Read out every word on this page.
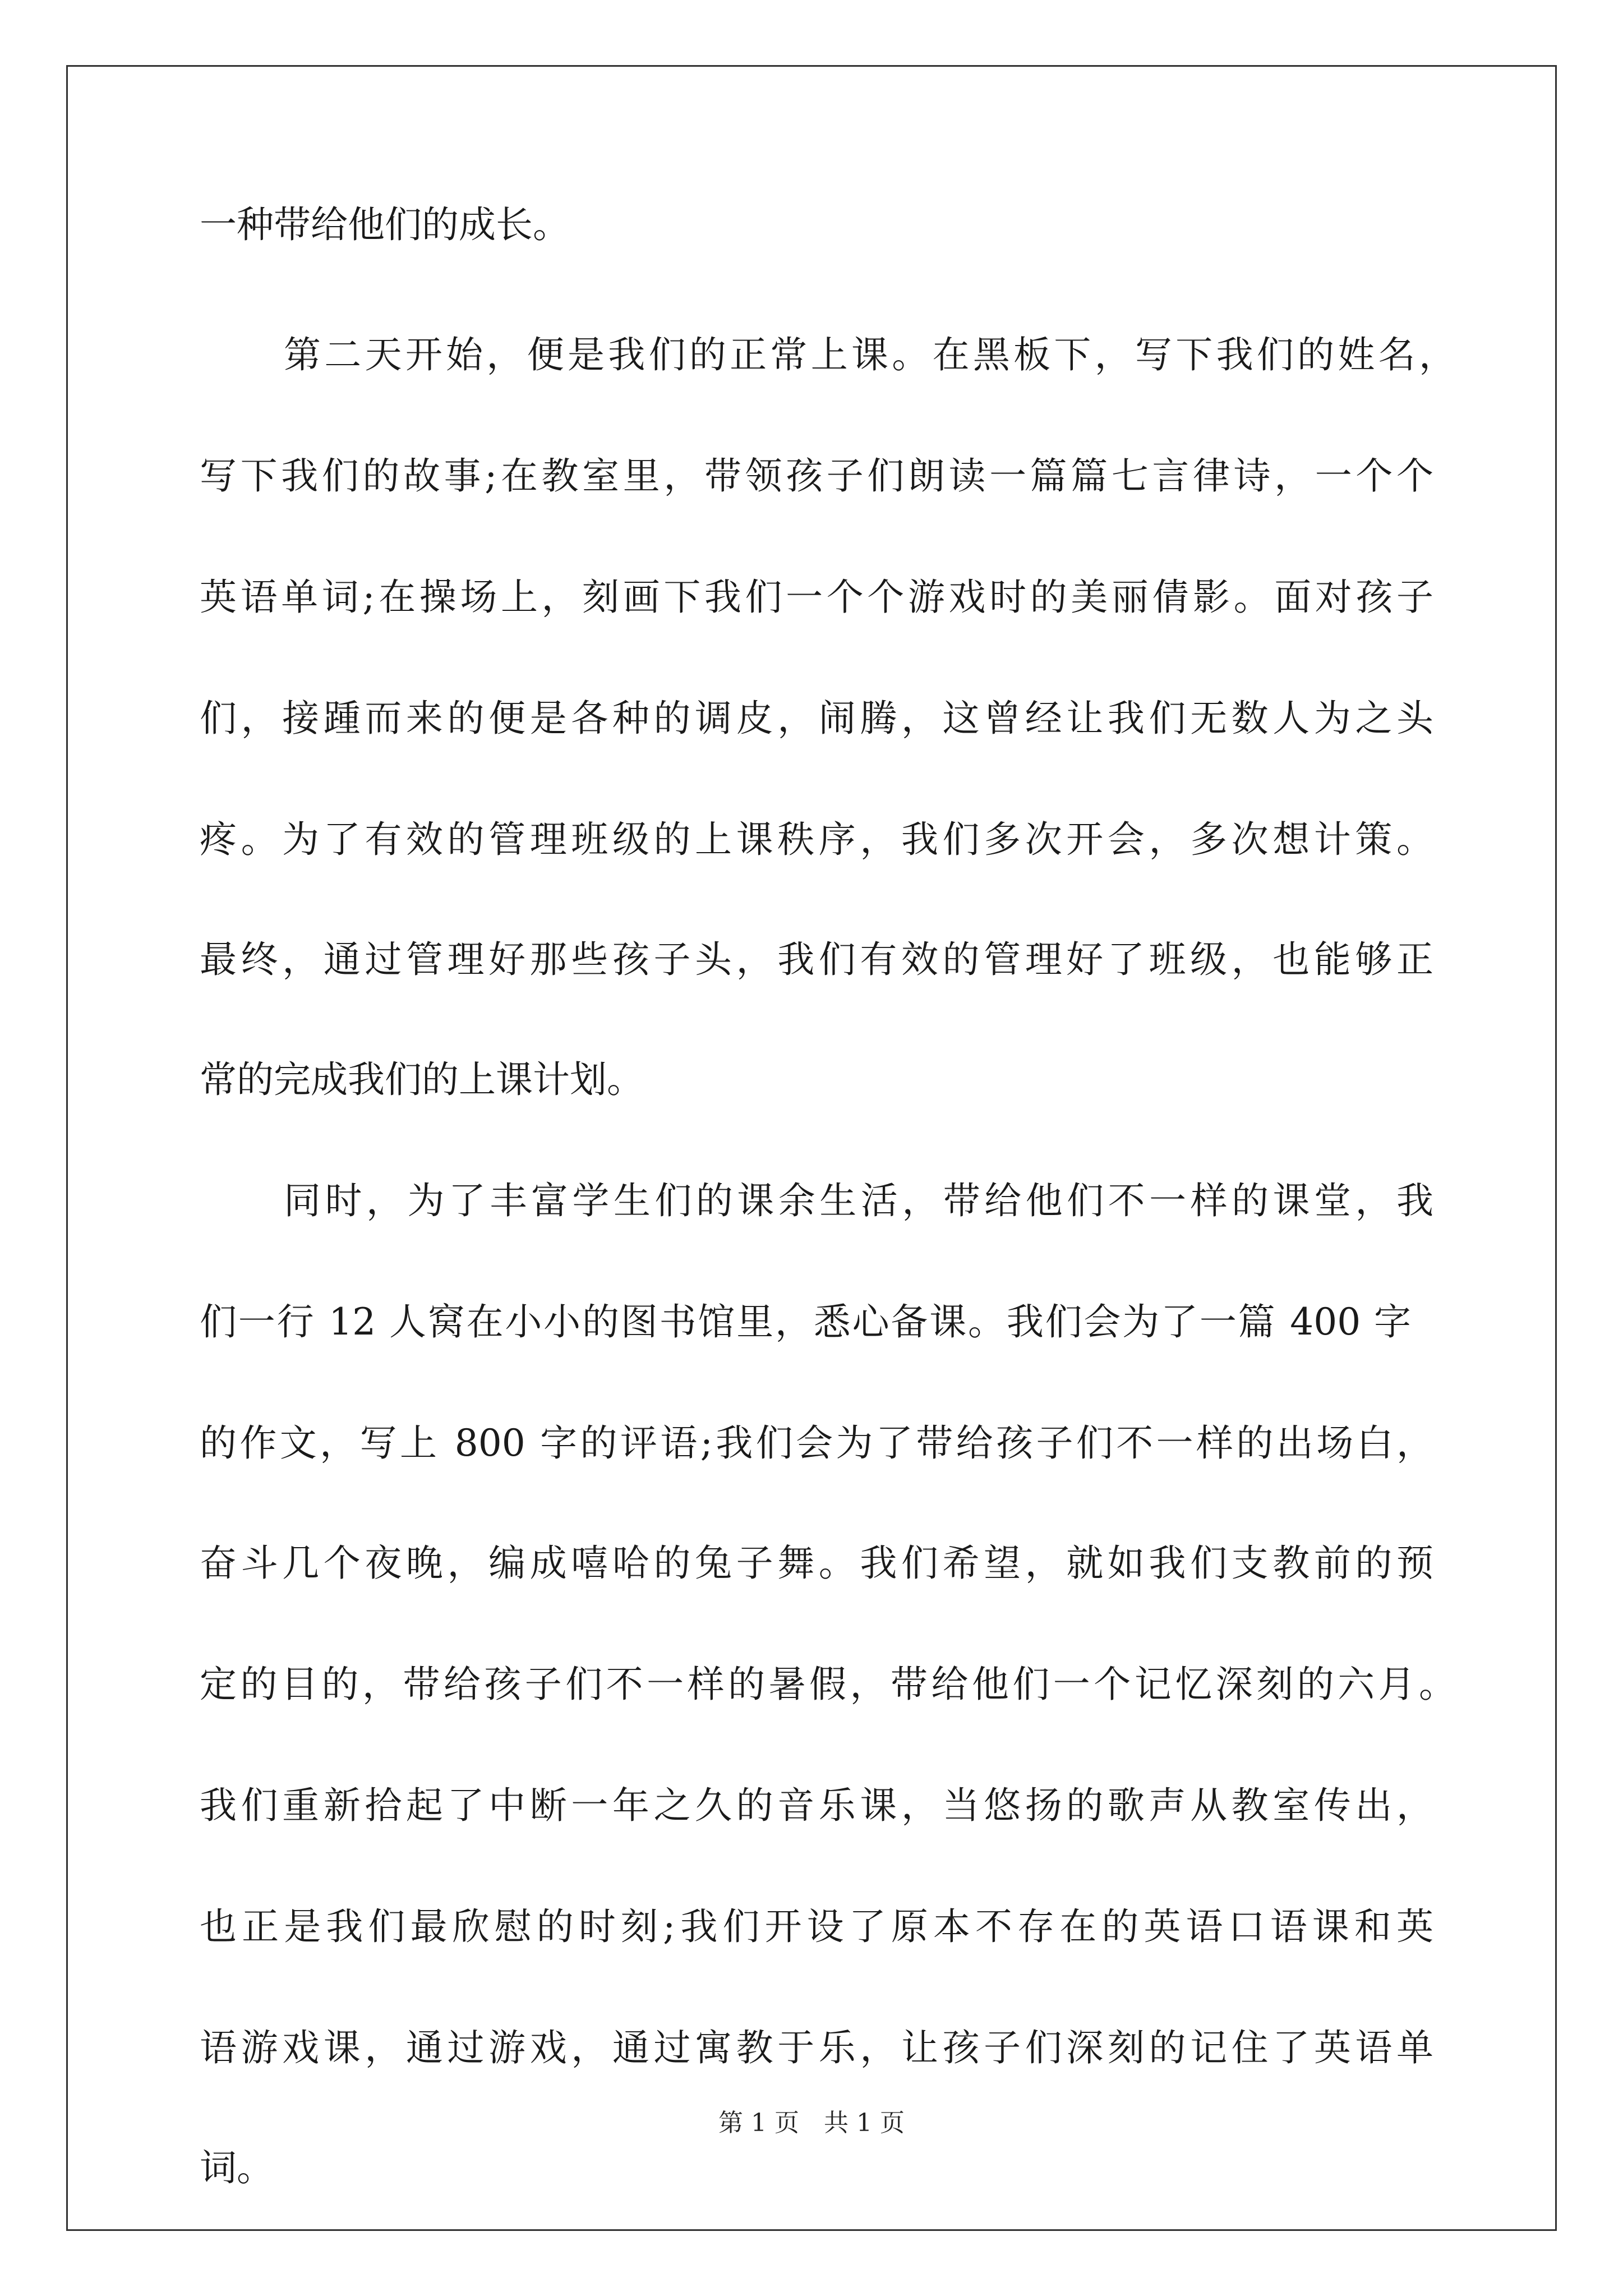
一种带给他们的成长。
第二天开始，便是我们的正常上课。在黑板下，写下我们的姓名，
写下我们的故事;在教室里，带领孩子们朗读一篇篇七言律诗，一个个
英语单词;在操场上，刻画下我们一个个游戏时的美丽倩影。面对孩子
们，接踵而来的便是各种的调皮，闹腾，这曾经让我们无数人为之头
疼。为了有效的管理班级的上课秩序，我们多次开会，多次想计策。
最终，通过管理好那些孩子头，我们有效的管理好了班级，也能够正
常的完成我们的上课计划。
同时，为了丰富学生们的课余生活，带给他们不一样的课堂，我
们一行 12 人窝在小小的图书馆里，悉心备课。我们会为了一篇 400 字
的作文，写上 800 字的评语;我们会为了带给孩子们不一样的出场白，
奋斗几个夜晚，编成嘻哈的兔子舞。我们希望，就如我们支教前的预
定的目的，带给孩子们不一样的暑假，带给他们一个记忆深刻的六月。
我们重新拾起了中断一年之久的音乐课，当悠扬的歌声从教室传出，
也正是我们最欣慰的时刻;我们开设了原本不存在的英语口语课和英
语游戏课，通过游戏，通过寓教于乐，让孩子们深刻的记住了英语单
词。
第 1 页　共 1 页
